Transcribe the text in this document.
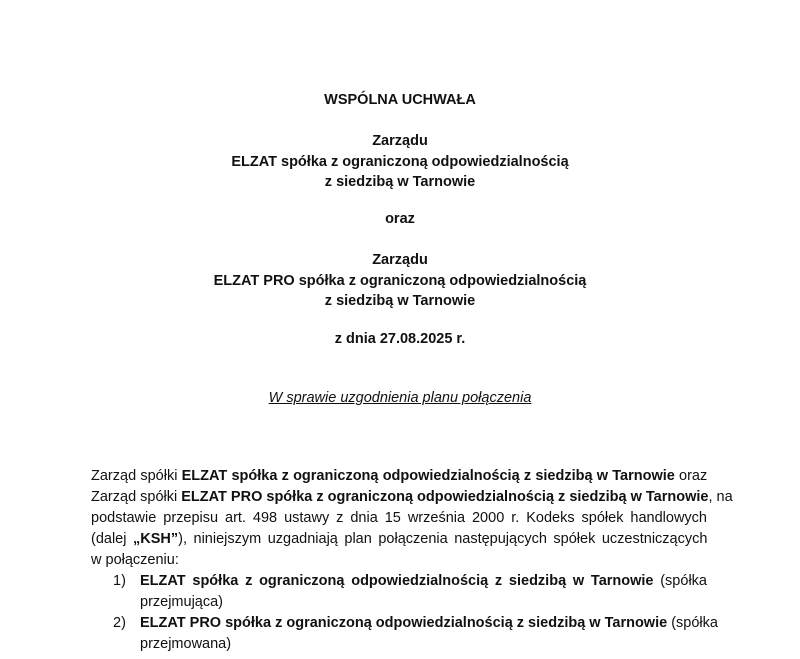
WSPÓLNA UCHWAŁA
Zarządu
ELZAT spółka z ograniczoną odpowiedzialnością
z siedzibą w Tarnowie
oraz
Zarządu
ELZAT PRO spółka z ograniczoną odpowiedzialnością
z siedzibą w Tarnowie
z dnia 27.08.2025 r.
W sprawie uzgodnienia planu połączenia
Zarząd spółki ELZAT spółka z ograniczoną odpowiedzialnością z siedzibą w Tarnowie oraz
Zarząd spółki ELZAT PRO spółka z ograniczoną odpowiedzialnością z siedzibą w Tarnowie, na
podstawie przepisu art. 498 ustawy z dnia 15 września 2000 r. Kodeks spółek handlowych
(dalej „KSH”), niniejszym uzgadniają plan połączenia następujących spółek uczestniczących
w połączeniu:
1) ELZAT spółka z ograniczoną odpowiedzialnością z siedzibą w Tarnowie (spółka
przejmująca)
2) ELZAT PRO spółka z ograniczoną odpowiedzialnością z siedzibą w Tarnowie (spółka
przejmowana)
